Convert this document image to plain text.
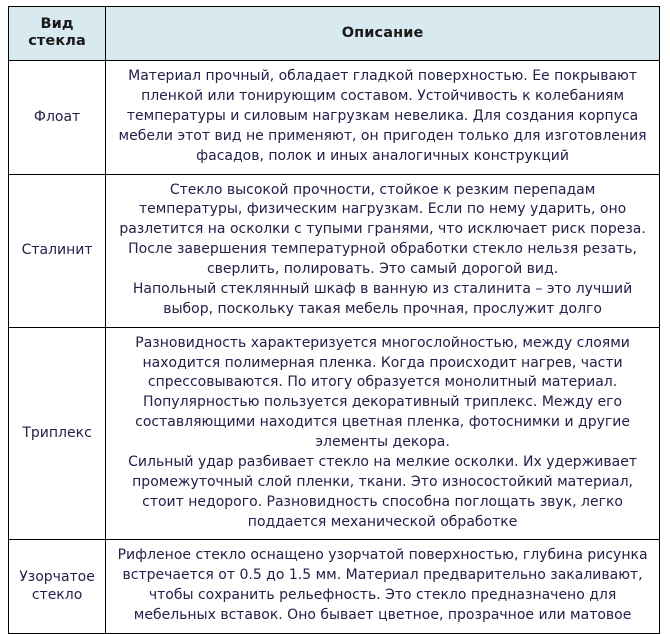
Вид
стекла	Описание
Флоат	Материал прочный, обладает гладкой поверхностью. Ее покрывают пленкой или тонирующим составом. Устойчивость к колебаниям температуры и силовым нагрузкам невелика. Для создания корпуса мебели этот вид не применяют, он пригоден только для изготовления фасадов, полок и иных аналогичных конструкций

Сталинит	Стекло высокой прочности, стойкое к резким перепадам температуры, физическим нагрузкам. Если по нему ударить, оно разлетится на осколки с тупыми гранями, что исключает риск пореза. После завершения температурной обработки стекло нельзя резать, сверлить, полировать. Это самый дорогой вид.

Напольный стеклянный шкаф в ванную из сталинита – это лучший выбор, поскольку такая мебель прочная, прослужит долго

Триплекс	Разновидность характеризуется многослойностью, между слоями находится полимерная пленка. Когда происходит нагрев, части спрессовываются. По итогу образуется монолитный материал. Популярностью пользуется декоративный триплекс. Между его составляющими находится цветная пленка, фотоснимки и другие элементы декора.

Сильный удар разбивает стекло на мелкие осколки. Их удерживает промежуточный слой пленки, ткани. Это износостойкий материал, стоит недорого. Разновидность способна поглощать звук, легко поддается механической обработке

Узорчатое
стекло	Рифленое стекло оснащено узорчатой поверхностью, глубина рисунка встречается от 0.5 до 1.5 мм. Материал предварительно закаливают, чтобы сохранить рельефность. Это стекло предназначено для мебельных вставок. Оно бывает цветное, прозрачное или матовое
